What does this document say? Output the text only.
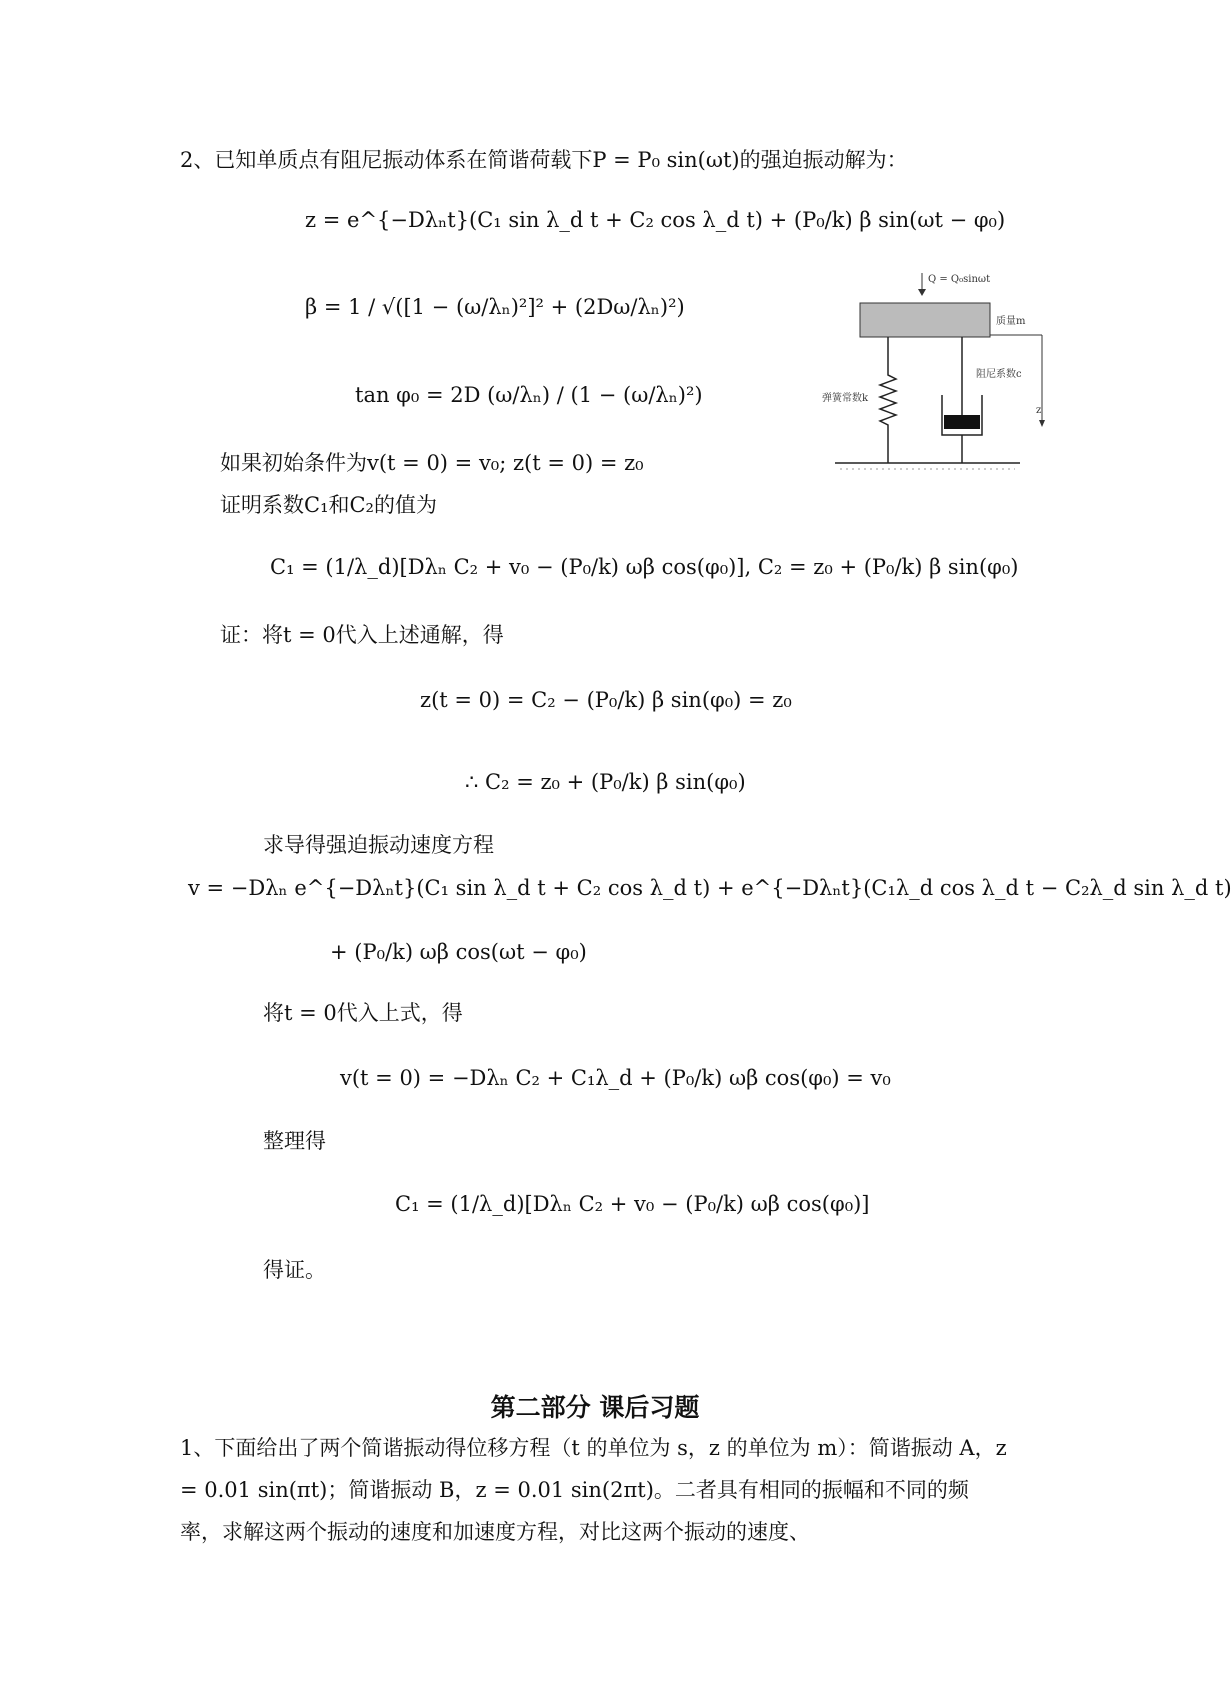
2、已知单质点有阻尼振动体系在简谐荷载下P = P₀ sin(ωt)的强迫振动解为：
z = e^{−Dλₙt}(C₁ sin λ_d t + C₂ cos λ_d t) + (P₀/k) β sin(ωt − φ₀)
β = 1 / √([1 − (ω/λₙ)²]² + (2Dω/λₙ)²)
tan φ₀ = 2D (ω/λₙ) / (1 − (ω/λₙ)²)
如果初始条件为v(t = 0) = v₀; z(t = 0) = z₀
证明系数C₁和C₂的值为
C₁ = (1/λ_d)[Dλₙ C₂ + v₀ − (P₀/k) ωβ cos(φ₀)], C₂ = z₀ + (P₀/k) β sin(φ₀)
证：将t = 0代入上述通解，得
z(t = 0) = C₂ − (P₀/k) β sin(φ₀) = z₀
∴ C₂ = z₀ + (P₀/k) β sin(φ₀)
求导得强迫振动速度方程
v = −Dλₙ e^{−Dλₙt}(C₁ sin λ_d t + C₂ cos λ_d t) + e^{−Dλₙt}(C₁λ_d cos λ_d t − C₂λ_d sin λ_d t)
+ (P₀/k) ωβ cos(ωt − φ₀)
将t = 0代入上式，得
v(t = 0) = −Dλₙ C₂ + C₁λ_d + (P₀/k) ωβ cos(φ₀) = v₀
整理得
C₁ = (1/λ_d)[Dλₙ C₂ + v₀ − (P₀/k) ωβ cos(φ₀)]
得证。
Q = Q₀sinωt
质量m
z
弹簧常数k
阻尼系数c
第二部分 课后习题
1、下面给出了两个简谐振动得位移方程（t 的单位为 s，z 的单位为 m）：简谐振动 A，z = 0.01 sin(πt)；简谐振动 B，z = 0.01 sin(2πt)。二者具有相同的振幅和不同的频率，求解这两个振动的速度和加速度方程，对比这两个振动的速度、
